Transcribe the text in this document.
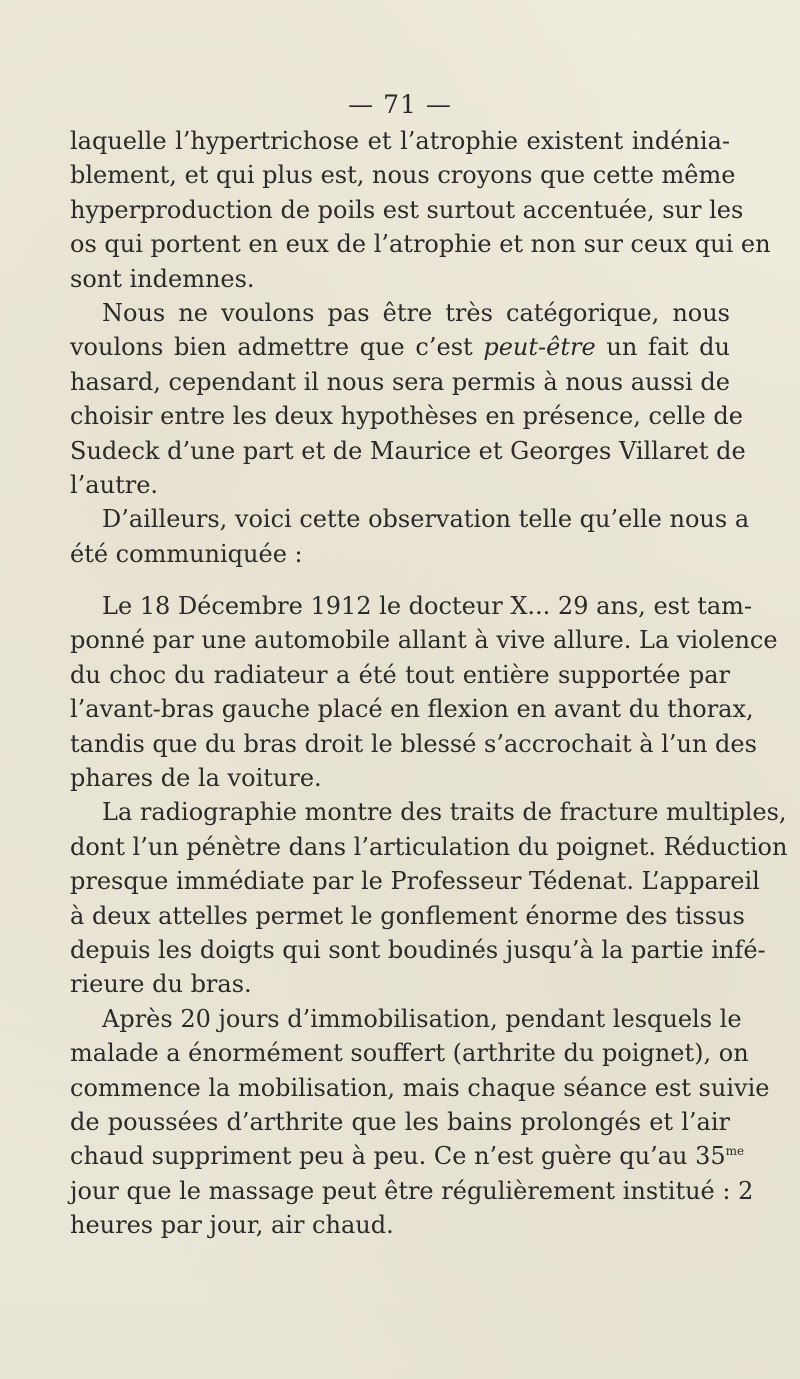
— 71 —
laquelle l’hypertrichose et l’atrophie existent indénia-
blement, et qui plus est, nous croyons que cette même
hyperproduction de poils est surtout accentuée, sur les
os qui portent en eux de l’atrophie et non sur ceux qui en
sont indemnes.
Nous ne voulons pas être très catégorique, nous
voulons bien admettre que c’est peut-être un fait du
hasard, cependant il nous sera permis à nous aussi de
choisir entre les deux hypothèses en présence, celle de
Sudeck d’une part et de Maurice et Georges Villaret de
l’autre.
D’ailleurs, voici cette observation telle qu’elle nous a
été communiquée :
Le 18 Décembre 1912 le docteur X... 29 ans, est tam-
ponné par une automobile allant à vive allure. La violence
du choc du radiateur a été tout entière supportée par
l’avant-bras gauche placé en flexion en avant du thorax,
tandis que du bras droit le blessé s’accrochait à l’un des
phares de la voiture.
La radiographie montre des traits de fracture multiples,
dont l’un pénètre dans l’articulation du poignet. Réduction
presque immédiate par le Professeur Tédenat. L’appareil
à deux attelles permet le gonflement énorme des tissus
depuis les doigts qui sont boudinés jusqu’à la partie infé-
rieure du bras.
Après 20 jours d’immobilisation, pendant lesquels le
malade a énormément souffert (arthrite du poignet), on
commence la mobilisation, mais chaque séance est suivie
de poussées d’arthrite que les bains prolongés et l’air
chaud suppriment peu à peu. Ce n’est guère qu’au $35^{me}$
jour que le massage peut être régulièrement institué : 2
heures par jour, air chaud.
